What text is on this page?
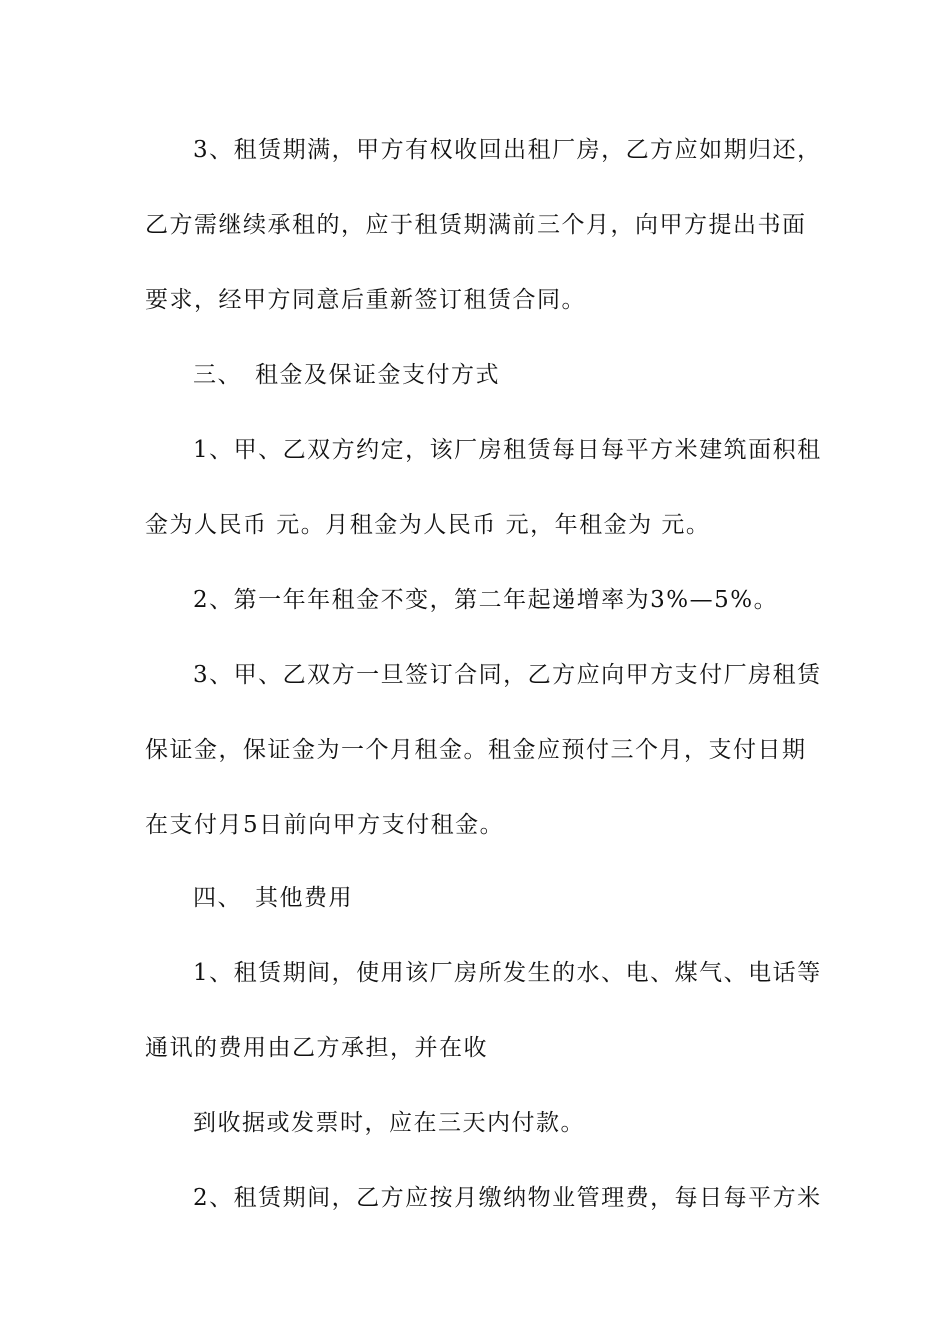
3、租赁期满，甲方有权收回出租厂房，乙方应如期归还，
乙方需继续承租的，应于租赁期满前三个月，向甲方提出书面
要求，经甲方同意后重新签订租赁合同。
三、　租金及保证金支付方式
1、甲、乙双方约定，该厂房租赁每日每平方米建筑面积租
金为人民币 元。月租金为人民币 元，年租金为 元。
2、第一年年租金不变，第二年起递增率为3%—5%。
3、甲、乙双方一旦签订合同，乙方应向甲方支付厂房租赁
保证金，保证金为一个月租金。租金应预付三个月，支付日期
在支付月5日前向甲方支付租金。
四、　其他费用
1、租赁期间，使用该厂房所发生的水、电、煤气、电话等
通讯的费用由乙方承担，并在收
到收据或发票时，应在三天内付款。
2、租赁期间，乙方应按月缴纳物业管理费，每日每平方米
